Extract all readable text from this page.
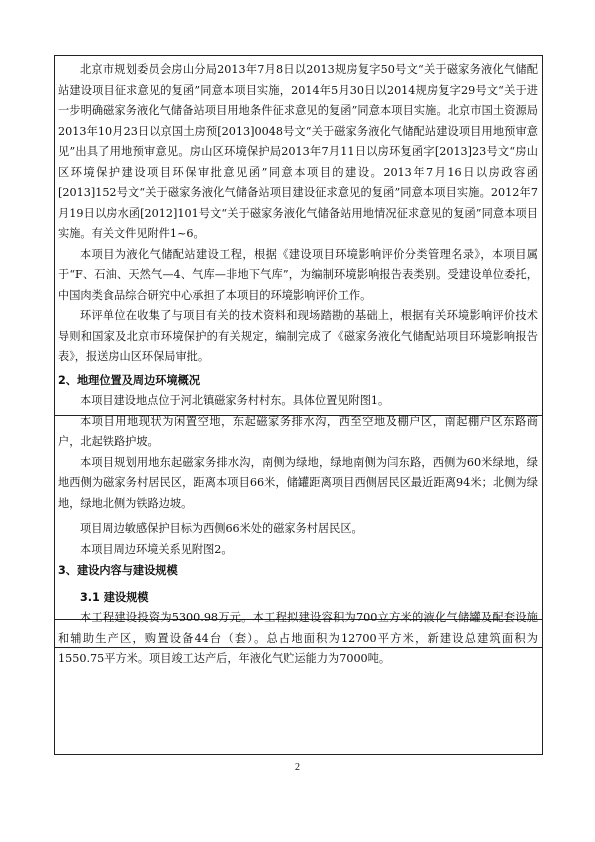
北京市规划委员会房山分局2013年7月8日以2013规房复字50号文“关于磁家务液化气储配站建设项目征求意见的复函”同意本项目实施，2014年5月30日以2014规房复字29号文“关于进一步明确磁家务液化气储备站项目用地条件征求意见的复函”同意本项目实施。北京市国土资源局2013年10月23日以京国土房预[2013]0048号文“关于磁家务液化气储配站建设项目用地预审意见”出具了用地预审意见。房山区环境保护局2013年7月11日以房环复函字[2013]23号文“房山区环境保护建设项目环保审批意见函”同意本项目的建设。2013年7月16日以房政容函[2013]152号文“关于磁家务液化气储备站项目建设征求意见的复函”同意本项目实施。2012年7月19日以房水函[2012]101号文“关于磁家务液化气储备站用地情况征求意见的复函”同意本项目实施。有关文件见附件1~6。

本项目为液化气储配站建设工程，根据《建设项目环境影响评价分类管理名录》，本项目属于“F、石油、天然气—4、气库—非地下气库”，为编制环境影响报告表类别。受建设单位委托，中国肉类食品综合研究中心承担了本项目的环境影响评价工作。

环评单位在收集了与项目有关的技术资料和现场踏勘的基础上，根据有关环境影响评价技术导则和国家及北京市环境保护的有关规定，编制完成了《磁家务液化气储配站项目环境影响报告表》，报送房山区环保局审批。

2、地理位置及周边环境概况

本项目建设地点位于河北镇磁家务村村东。具体位置见附图1。

本项目用地现状为闲置空地，东起磁家务排水沟，西至空地及棚户区，南起棚户区东路商户，北起铁路护坡。

本项目规划用地东起磁家务排水沟，南侧为绿地，绿地南侧为闫东路，西侧为60米绿地，绿地西侧为磁家务村居民区，距离本项目66米，储罐距离项目西侧居民区最近距离94米；北侧为绿地，绿地北侧为铁路边坡。

项目周边敏感保护目标为西侧66米处的磁家务村居民区。

本项目周边环境关系见附图2。

3、建设内容与建设规模

3.1 建设规模

本工程建设投资为5300.98万元。本工程拟建设容积为700立方米的液化气储罐及配套设施和辅助生产区，购置设备44台（套）。总占地面积为12700平方米，新建设总建筑面积为1550.75平方米。项目竣工达产后，年液化气贮运能力为7000吨。

2
